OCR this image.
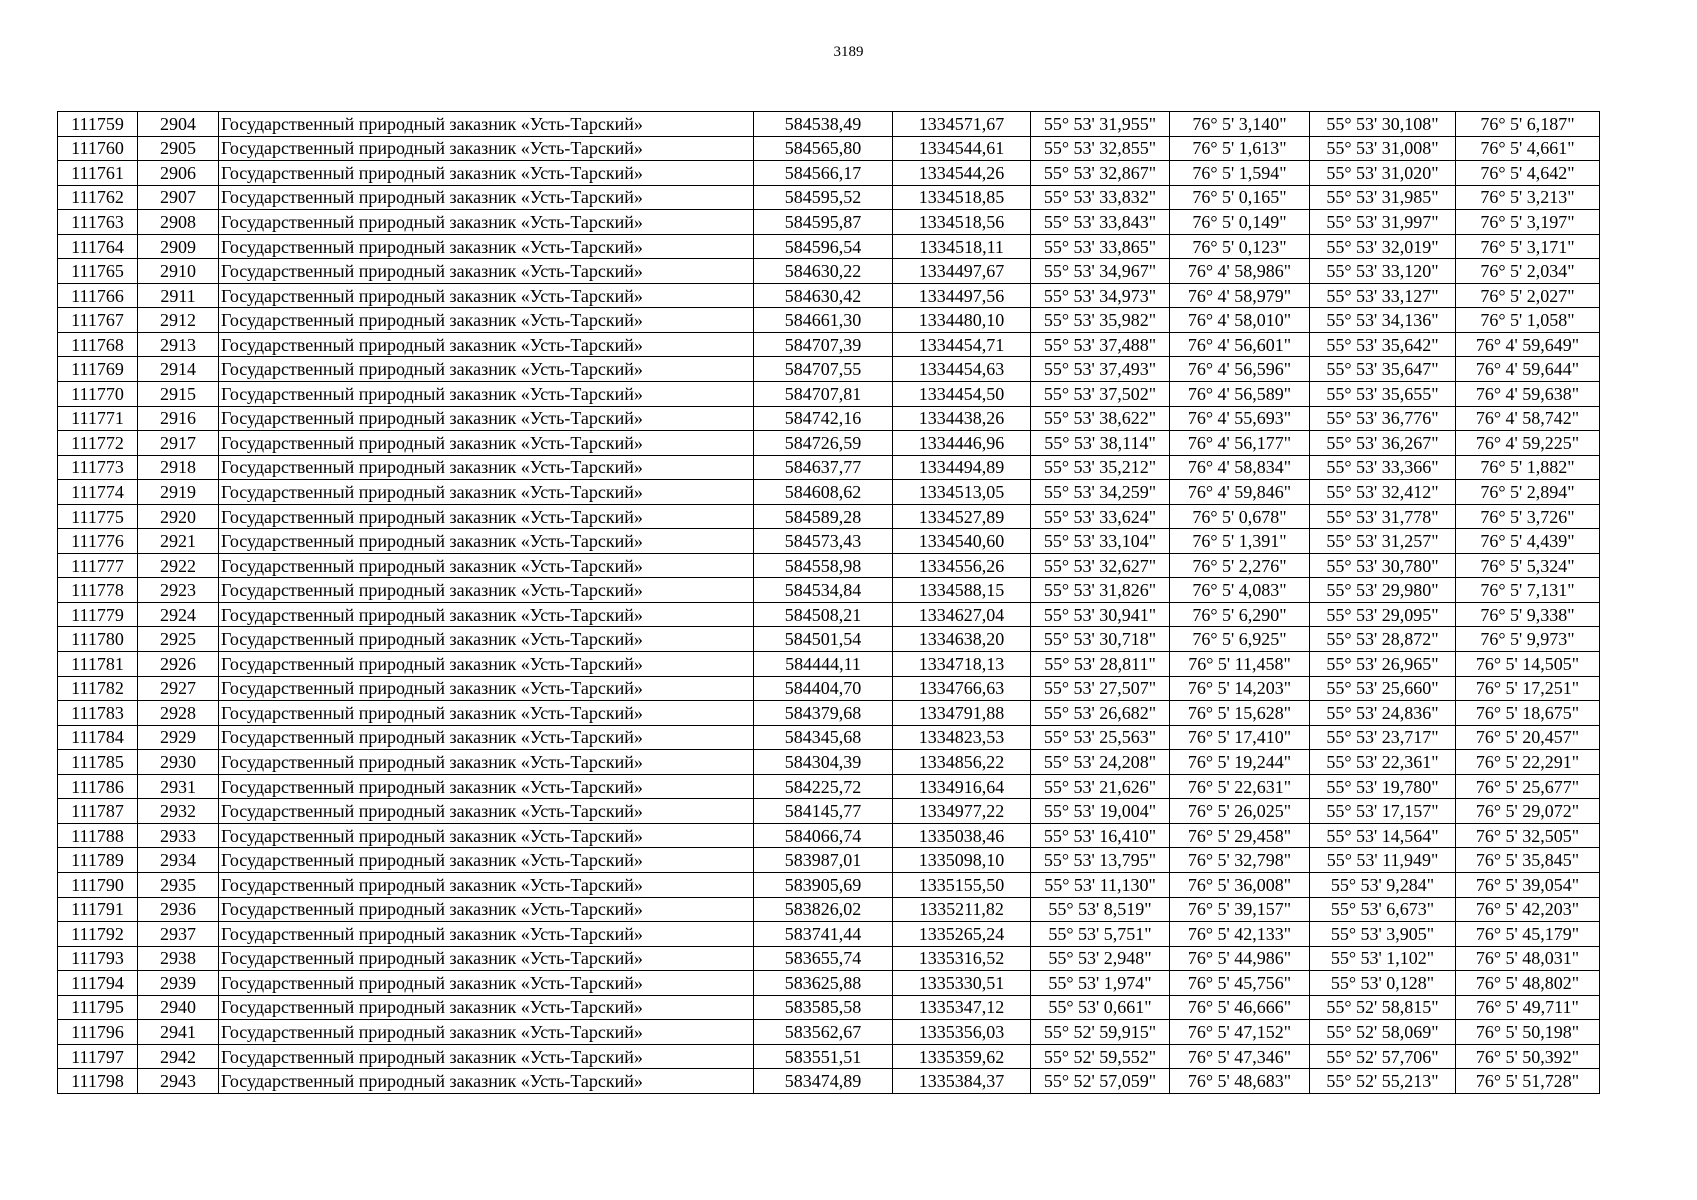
3189
111759	2904	Государственный природный заказник «Усть-Тарский»	584538,49	1334571,67	55° 53' 31,955"	76° 5' 3,140"	55° 53' 30,108"	76° 5' 6,187"
111760	2905	Государственный природный заказник «Усть-Тарский»	584565,80	1334544,61	55° 53' 32,855"	76° 5' 1,613"	55° 53' 31,008"	76° 5' 4,661"
111761	2906	Государственный природный заказник «Усть-Тарский»	584566,17	1334544,26	55° 53' 32,867"	76° 5' 1,594"	55° 53' 31,020"	76° 5' 4,642"
111762	2907	Государственный природный заказник «Усть-Тарский»	584595,52	1334518,85	55° 53' 33,832"	76° 5' 0,165"	55° 53' 31,985"	76° 5' 3,213"
111763	2908	Государственный природный заказник «Усть-Тарский»	584595,87	1334518,56	55° 53' 33,843"	76° 5' 0,149"	55° 53' 31,997"	76° 5' 3,197"
111764	2909	Государственный природный заказник «Усть-Тарский»	584596,54	1334518,11	55° 53' 33,865"	76° 5' 0,123"	55° 53' 32,019"	76° 5' 3,171"
111765	2910	Государственный природный заказник «Усть-Тарский»	584630,22	1334497,67	55° 53' 34,967"	76° 4' 58,986"	55° 53' 33,120"	76° 5' 2,034"
111766	2911	Государственный природный заказник «Усть-Тарский»	584630,42	1334497,56	55° 53' 34,973"	76° 4' 58,979"	55° 53' 33,127"	76° 5' 2,027"
111767	2912	Государственный природный заказник «Усть-Тарский»	584661,30	1334480,10	55° 53' 35,982"	76° 4' 58,010"	55° 53' 34,136"	76° 5' 1,058"
111768	2913	Государственный природный заказник «Усть-Тарский»	584707,39	1334454,71	55° 53' 37,488"	76° 4' 56,601"	55° 53' 35,642"	76° 4' 59,649"
111769	2914	Государственный природный заказник «Усть-Тарский»	584707,55	1334454,63	55° 53' 37,493"	76° 4' 56,596"	55° 53' 35,647"	76° 4' 59,644"
111770	2915	Государственный природный заказник «Усть-Тарский»	584707,81	1334454,50	55° 53' 37,502"	76° 4' 56,589"	55° 53' 35,655"	76° 4' 59,638"
111771	2916	Государственный природный заказник «Усть-Тарский»	584742,16	1334438,26	55° 53' 38,622"	76° 4' 55,693"	55° 53' 36,776"	76° 4' 58,742"
111772	2917	Государственный природный заказник «Усть-Тарский»	584726,59	1334446,96	55° 53' 38,114"	76° 4' 56,177"	55° 53' 36,267"	76° 4' 59,225"
111773	2918	Государственный природный заказник «Усть-Тарский»	584637,77	1334494,89	55° 53' 35,212"	76° 4' 58,834"	55° 53' 33,366"	76° 5' 1,882"
111774	2919	Государственный природный заказник «Усть-Тарский»	584608,62	1334513,05	55° 53' 34,259"	76° 4' 59,846"	55° 53' 32,412"	76° 5' 2,894"
111775	2920	Государственный природный заказник «Усть-Тарский»	584589,28	1334527,89	55° 53' 33,624"	76° 5' 0,678"	55° 53' 31,778"	76° 5' 3,726"
111776	2921	Государственный природный заказник «Усть-Тарский»	584573,43	1334540,60	55° 53' 33,104"	76° 5' 1,391"	55° 53' 31,257"	76° 5' 4,439"
111777	2922	Государственный природный заказник «Усть-Тарский»	584558,98	1334556,26	55° 53' 32,627"	76° 5' 2,276"	55° 53' 30,780"	76° 5' 5,324"
111778	2923	Государственный природный заказник «Усть-Тарский»	584534,84	1334588,15	55° 53' 31,826"	76° 5' 4,083"	55° 53' 29,980"	76° 5' 7,131"
111779	2924	Государственный природный заказник «Усть-Тарский»	584508,21	1334627,04	55° 53' 30,941"	76° 5' 6,290"	55° 53' 29,095"	76° 5' 9,338"
111780	2925	Государственный природный заказник «Усть-Тарский»	584501,54	1334638,20	55° 53' 30,718"	76° 5' 6,925"	55° 53' 28,872"	76° 5' 9,973"
111781	2926	Государственный природный заказник «Усть-Тарский»	584444,11	1334718,13	55° 53' 28,811"	76° 5' 11,458"	55° 53' 26,965"	76° 5' 14,505"
111782	2927	Государственный природный заказник «Усть-Тарский»	584404,70	1334766,63	55° 53' 27,507"	76° 5' 14,203"	55° 53' 25,660"	76° 5' 17,251"
111783	2928	Государственный природный заказник «Усть-Тарский»	584379,68	1334791,88	55° 53' 26,682"	76° 5' 15,628"	55° 53' 24,836"	76° 5' 18,675"
111784	2929	Государственный природный заказник «Усть-Тарский»	584345,68	1334823,53	55° 53' 25,563"	76° 5' 17,410"	55° 53' 23,717"	76° 5' 20,457"
111785	2930	Государственный природный заказник «Усть-Тарский»	584304,39	1334856,22	55° 53' 24,208"	76° 5' 19,244"	55° 53' 22,361"	76° 5' 22,291"
111786	2931	Государственный природный заказник «Усть-Тарский»	584225,72	1334916,64	55° 53' 21,626"	76° 5' 22,631"	55° 53' 19,780"	76° 5' 25,677"
111787	2932	Государственный природный заказник «Усть-Тарский»	584145,77	1334977,22	55° 53' 19,004"	76° 5' 26,025"	55° 53' 17,157"	76° 5' 29,072"
111788	2933	Государственный природный заказник «Усть-Тарский»	584066,74	1335038,46	55° 53' 16,410"	76° 5' 29,458"	55° 53' 14,564"	76° 5' 32,505"
111789	2934	Государственный природный заказник «Усть-Тарский»	583987,01	1335098,10	55° 53' 13,795"	76° 5' 32,798"	55° 53' 11,949"	76° 5' 35,845"
111790	2935	Государственный природный заказник «Усть-Тарский»	583905,69	1335155,50	55° 53' 11,130"	76° 5' 36,008"	55° 53' 9,284"	76° 5' 39,054"
111791	2936	Государственный природный заказник «Усть-Тарский»	583826,02	1335211,82	55° 53' 8,519"	76° 5' 39,157"	55° 53' 6,673"	76° 5' 42,203"
111792	2937	Государственный природный заказник «Усть-Тарский»	583741,44	1335265,24	55° 53' 5,751"	76° 5' 42,133"	55° 53' 3,905"	76° 5' 45,179"
111793	2938	Государственный природный заказник «Усть-Тарский»	583655,74	1335316,52	55° 53' 2,948"	76° 5' 44,986"	55° 53' 1,102"	76° 5' 48,031"
111794	2939	Государственный природный заказник «Усть-Тарский»	583625,88	1335330,51	55° 53' 1,974"	76° 5' 45,756"	55° 53' 0,128"	76° 5' 48,802"
111795	2940	Государственный природный заказник «Усть-Тарский»	583585,58	1335347,12	55° 53' 0,661"	76° 5' 46,666"	55° 52' 58,815"	76° 5' 49,711"
111796	2941	Государственный природный заказник «Усть-Тарский»	583562,67	1335356,03	55° 52' 59,915"	76° 5' 47,152"	55° 52' 58,069"	76° 5' 50,198"
111797	2942	Государственный природный заказник «Усть-Тарский»	583551,51	1335359,62	55° 52' 59,552"	76° 5' 47,346"	55° 52' 57,706"	76° 5' 50,392"
111798	2943	Государственный природный заказник «Усть-Тарский»	583474,89	1335384,37	55° 52' 57,059"	76° 5' 48,683"	55° 52' 55,213"	76° 5' 51,728"
